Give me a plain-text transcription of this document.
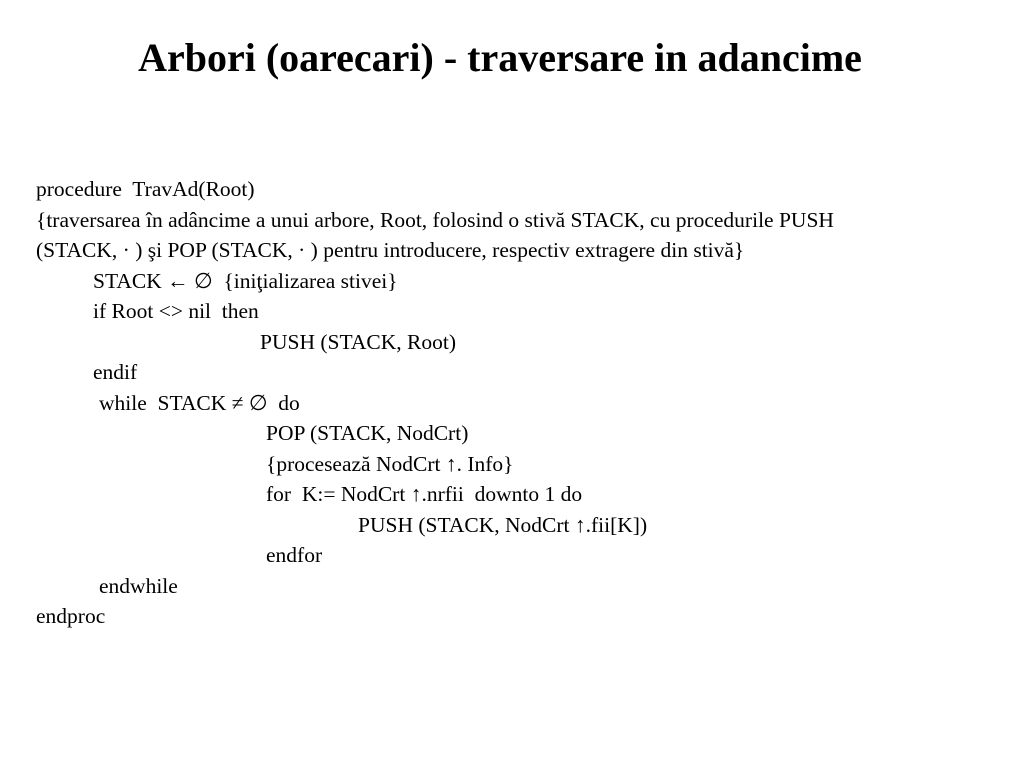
Arbori (oarecari) - traversare in adancime
procedure  TravAd(Root)
{traversarea în adâncime a unui arbore, Root, folosind o stivă STACK, cu procedurile PUSH
(STACK, · ) şi POP (STACK, · ) pentru introducere, respectiv extragere din stivă}
STACK ← ∅  {iniţializarea stivei}
if Root <> nil  then
PUSH (STACK, Root)
endif
while  STACK ≠ ∅  do
POP (STACK, NodCrt)
{procesează NodCrt ↑. Info}
for  K:= NodCrt ↑.nrfii  downto 1 do
PUSH (STACK, NodCrt ↑.fii[K])
endfor
endwhile
endproc
